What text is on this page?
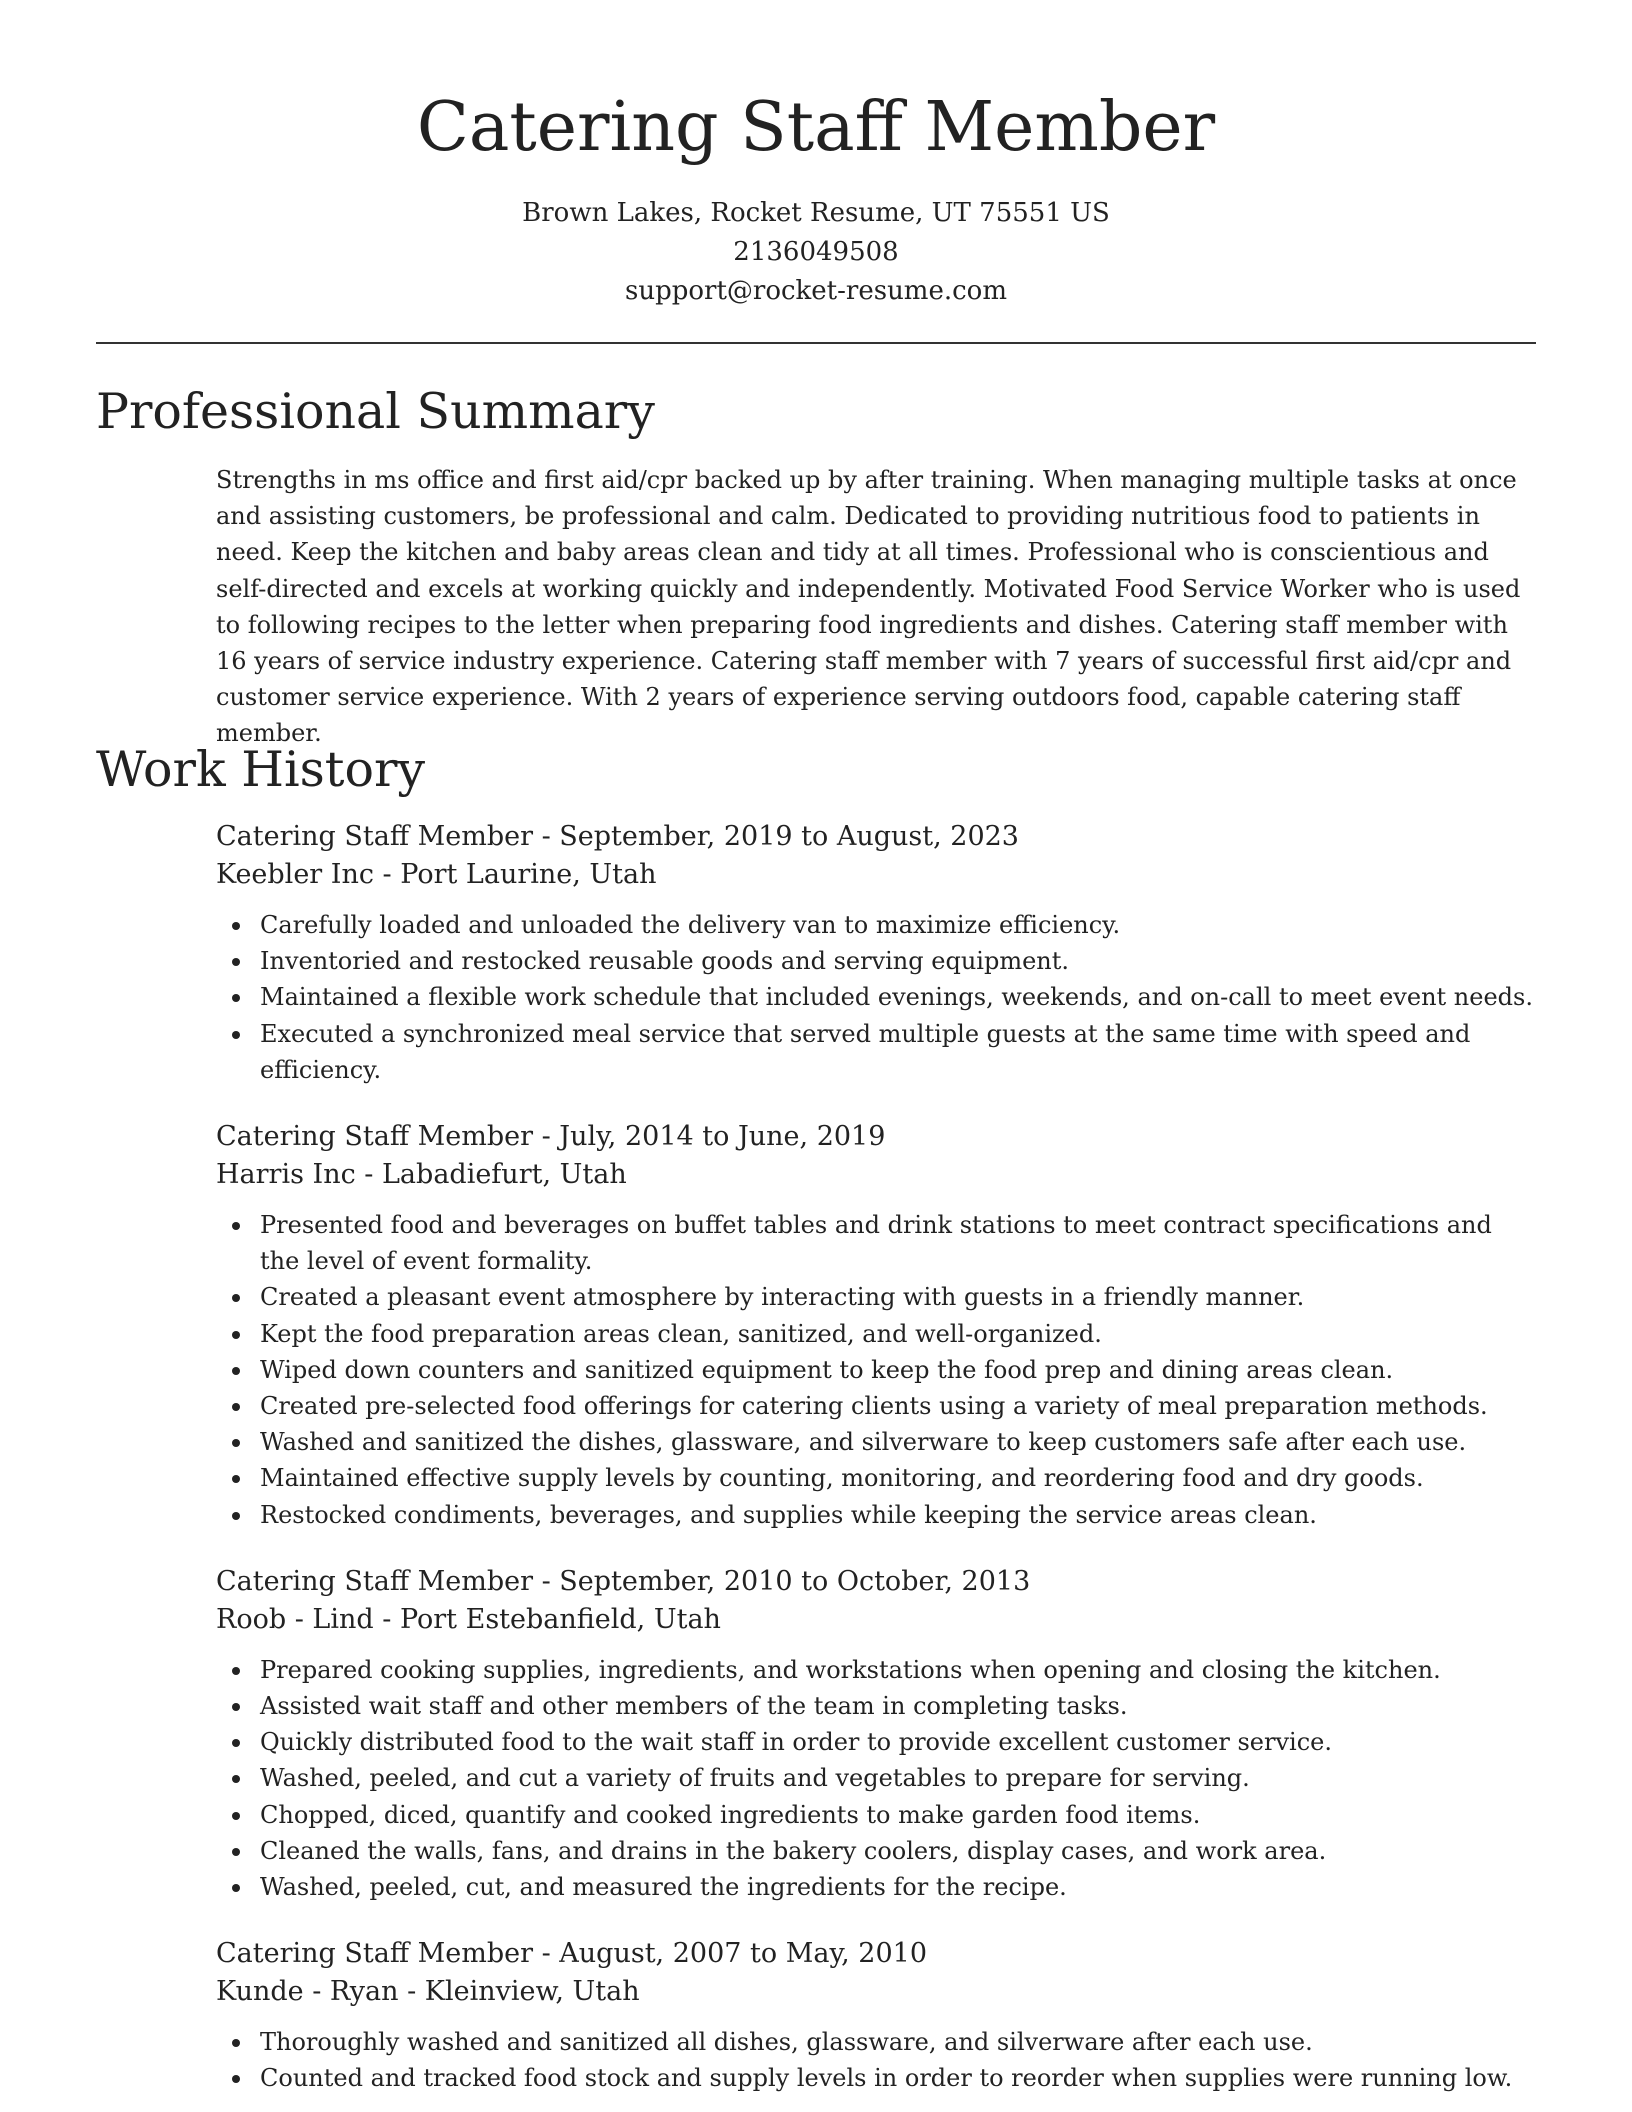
Catering Staff Member
Brown Lakes, Rocket Resume, UT 75551 US
2136049508
support@rocket-resume.com
Professional Summary

Strengths in ms office and first aid/cpr backed up by after training. When managing multiple tasks at once and assisting customers, be professional and calm. Dedicated to providing nutritious food to patients in need. Keep the kitchen and baby areas clean and tidy at all times. Professional who is conscientious and self-directed and excels at working quickly and independently. Motivated Food Service Worker who is used to following recipes to the letter when preparing food ingredients and dishes. Catering staff member with 16 years of service industry experience. Catering staff member with 7 years of successful first aid/cpr and customer service experience. With 2 years of experience serving outdoors food, capable catering staff member.

Work History
Catering Staff Member - September, 2019 to August, 2023
Keebler Inc - Port Laurine, Utah
Carefully loaded and unloaded the delivery van to maximize efficiency.
Inventoried and restocked reusable goods and serving equipment.
Maintained a flexible work schedule that included evenings, weekends, and on-call to meet event needs.
Executed a synchronized meal service that served multiple guests at the same time with speed and efficiency.
Catering Staff Member - July, 2014 to June, 2019
Harris Inc - Labadiefurt, Utah
Presented food and beverages on buffet tables and drink stations to meet contract specifications and the level of event formality.
Created a pleasant event atmosphere by interacting with guests in a friendly manner.
Kept the food preparation areas clean, sanitized, and well-organized.
Wiped down counters and sanitized equipment to keep the food prep and dining areas clean.
Created pre-selected food offerings for catering clients using a variety of meal preparation methods.
Washed and sanitized the dishes, glassware, and silverware to keep customers safe after each use.
Maintained effective supply levels by counting, monitoring, and reordering food and dry goods.
Restocked condiments, beverages, and supplies while keeping the service areas clean.
Catering Staff Member - September, 2010 to October, 2013
Roob - Lind - Port Estebanfield, Utah
Prepared cooking supplies, ingredients, and workstations when opening and closing the kitchen.
Assisted wait staff and other members of the team in completing tasks.
Quickly distributed food to the wait staff in order to provide excellent customer service.
Washed, peeled, and cut a variety of fruits and vegetables to prepare for serving.
Chopped, diced, quantify and cooked ingredients to make garden food items.
Cleaned the walls, fans, and drains in the bakery coolers, display cases, and work area.
Washed, peeled, cut, and measured the ingredients for the recipe.
Catering Staff Member - August, 2007 to May, 2010
Kunde - Ryan - Kleinview, Utah
Thoroughly washed and sanitized all dishes, glassware, and silverware after each use.
Counted and tracked food stock and supply levels in order to reorder when supplies were running low.
